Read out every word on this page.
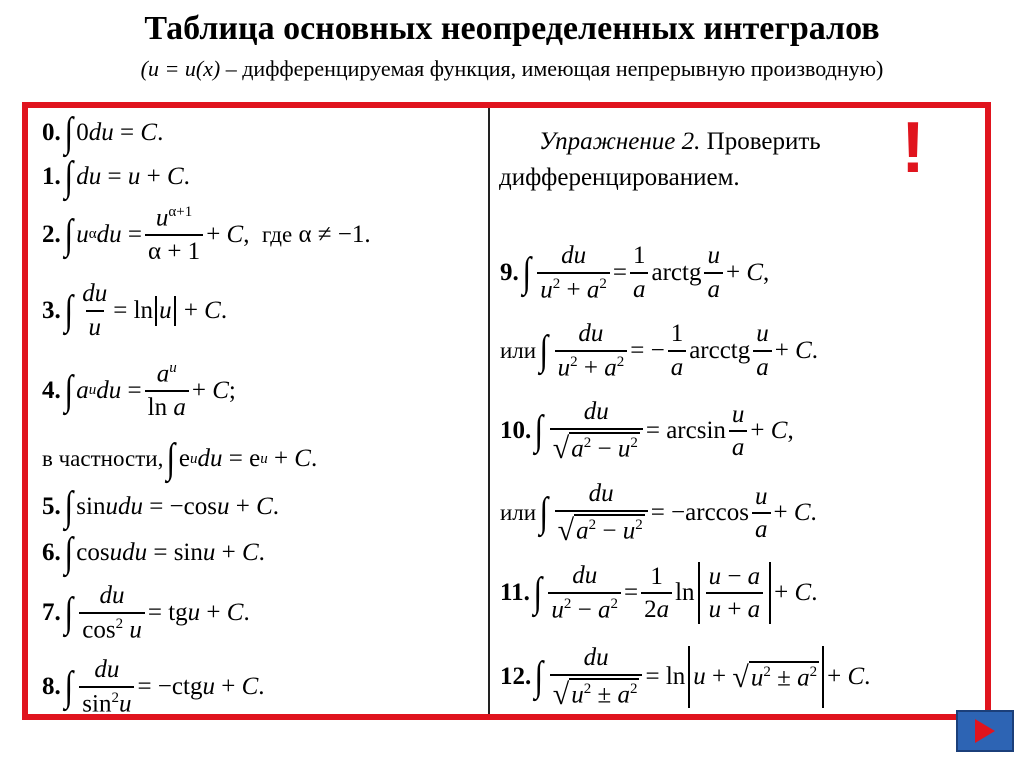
Таблица основных неопределенных интегралов
(u = u(x) – дифференцируемая функция, имеющая непрерывную производную)
0. ∫ 0 du = C .
1. ∫ du = u + C .
2. ∫ u α du = $\frac{u^{\alpha+1}}{\alpha + 1} + C$ , где α ≠ −1.
3. ∫ $\frac{du}{u} = \ln u + C$ .
4. ∫ a u du = $\frac{a^u}{\text{ln a}} + C$ ;
в частности, ∫ e u du = e u + C .
5. ∫ sin udu = −cos u + C .
6. ∫ cos udu = sin u + C .
7. ∫ $\frac{du}{\cos^2 u}$ = tg u + C .
8. ∫ $\frac{du}{\sin^2u} = -ctg$ u + C .
Упражнение 2. Проверить
дифференцированием.
9. ∫ $\frac{du}{u^2 + a^2} = \frac{1}{a}$ arctg $\frac{u}{a} + C$ ,
или ∫ $\frac{du}{u^2 + a^2}$ = − $\frac{1}{a}$ arcctg $\frac{u}{a} + C$ .
10. ∫ $\frac{du}{√ a^2 - u^2} = \arcsin \frac{u}{a} + C$ ,
или ∫ $\frac{du}{√ a^2 - u^2} = -\arccos \frac{u}{a} + C$ .
11. ∫ $\frac{du}{u^2 - a^2} = \frac{1}{2a}$ $\ln \frac{u - a}{u + a} + C$ .
12. ∫ $\frac{du}{√ u^2 \pm a^2} = \ln u$ + √ $u^2 \pm a^2 + C$ .
!
